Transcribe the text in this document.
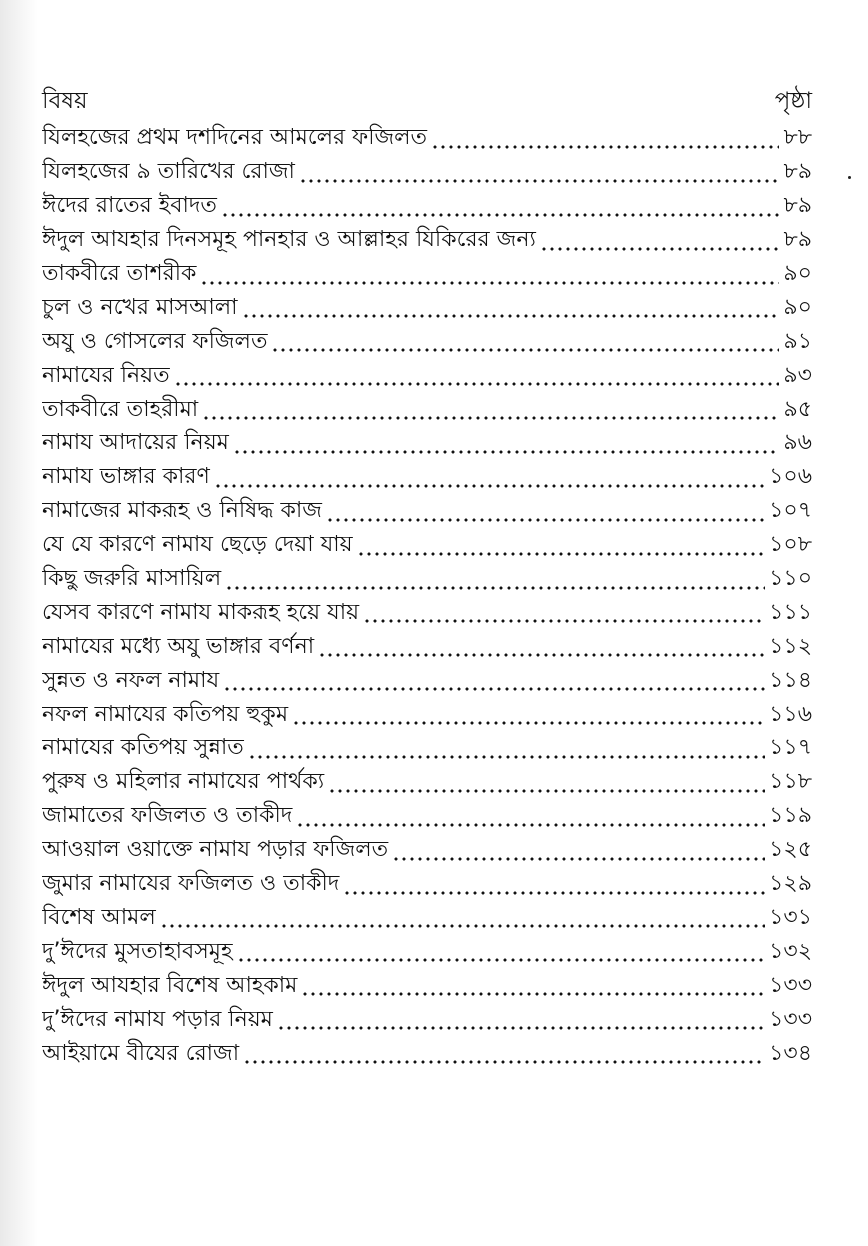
বিষয়	পৃষ্ঠা
যিলহজের প্রথম দশদিনের আমলের ফজিলত	৮৮
যিলহজের ৯ তারিখের রোজা	৮৯
ঈদের রাতের ইবাদত	৮৯
ঈদুল আযহার দিনসমূহ পানহার ও আল্লাহর যিকিরের জন্য	৮৯
তাকবীরে তাশরীক	৯০
চুল ও নখের মাসআলা	৯০
অযু ও গোসলের ফজিলত	৯১
নামাযের নিয়ত	৯৩
তাকবীরে তাহরীমা	৯৫
নামায আদায়ের নিয়ম	৯৬
নামায ভাঙ্গার কারণ	১০৬
নামাজের মাকরূহ ও নিষিদ্ধ কাজ	১০৭
যে যে কারণে নামায ছেড়ে দেয়া যায়	১০৮
কিছু জরুরি মাসায়িল	১১০
যেসব কারণে নামায মাকরূহ হয়ে যায়	১১১
নামাযের মধ্যে অযু ভাঙ্গার বর্ণনা	১১২
সুন্নত ও নফল নামায	১১৪
নফল নামাযের কতিপয় হুকুম	১১৬
নামাযের কতিপয় সুন্নাত	১১৭
পুরুষ ও মহিলার নামাযের পার্থক্য	১১৮
জামাতের ফজিলত ও তাকীদ	১১৯
আওয়াল ওয়াক্তে নামায পড়ার ফজিলত	১২৫
জুমার নামাযের ফজিলত ও তাকীদ	১২৯
বিশেষ আমল	১৩১
দু’ঈদের মুসতাহাবসমূহ	১৩২
ঈদুল আযহার বিশেষ আহকাম	১৩৩
দু’ঈদের নামায পড়ার নিয়ম	১৩৩
আইয়ামে বীযের রোজা	১৩৪
